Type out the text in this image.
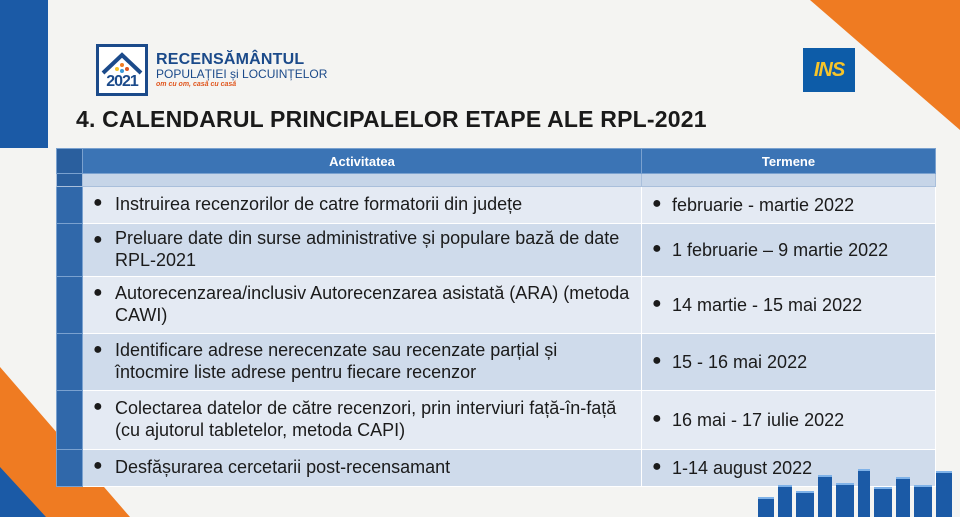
2021
RECENSĂMÂNTUL
POPULAȚIEI și LOCUINȚELOR
om cu om, casă cu casă
INS
4. CALENDARUL PRINCIPALELOR ETAPE ALE RPL-2021
	Activitatea	Termene

	● Instruirea recenzorilor de catre formatorii din județe	● februarie - martie 2022

	● Preluare date din surse administrative și populare bază de date RPL-2021	● 1 februarie – 9 martie 2022

	● Autorecenzarea/inclusiv Autorecenzarea asistată (ARA) (metoda CAWI)	● 14 martie - 15 mai 2022

	● Identificare adrese nerecenzate sau recenzate parțial și întocmire liste adrese pentru fiecare recenzor	● 15 - 16 mai 2022

	● Colectarea datelor de către recenzori, prin interviuri față-în-față (cu ajutorul tabletelor, metoda CAPI)	● 16 mai - 17 iulie 2022

	● Desfășurarea cercetarii post-recensamant	● 1-14 august 2022
